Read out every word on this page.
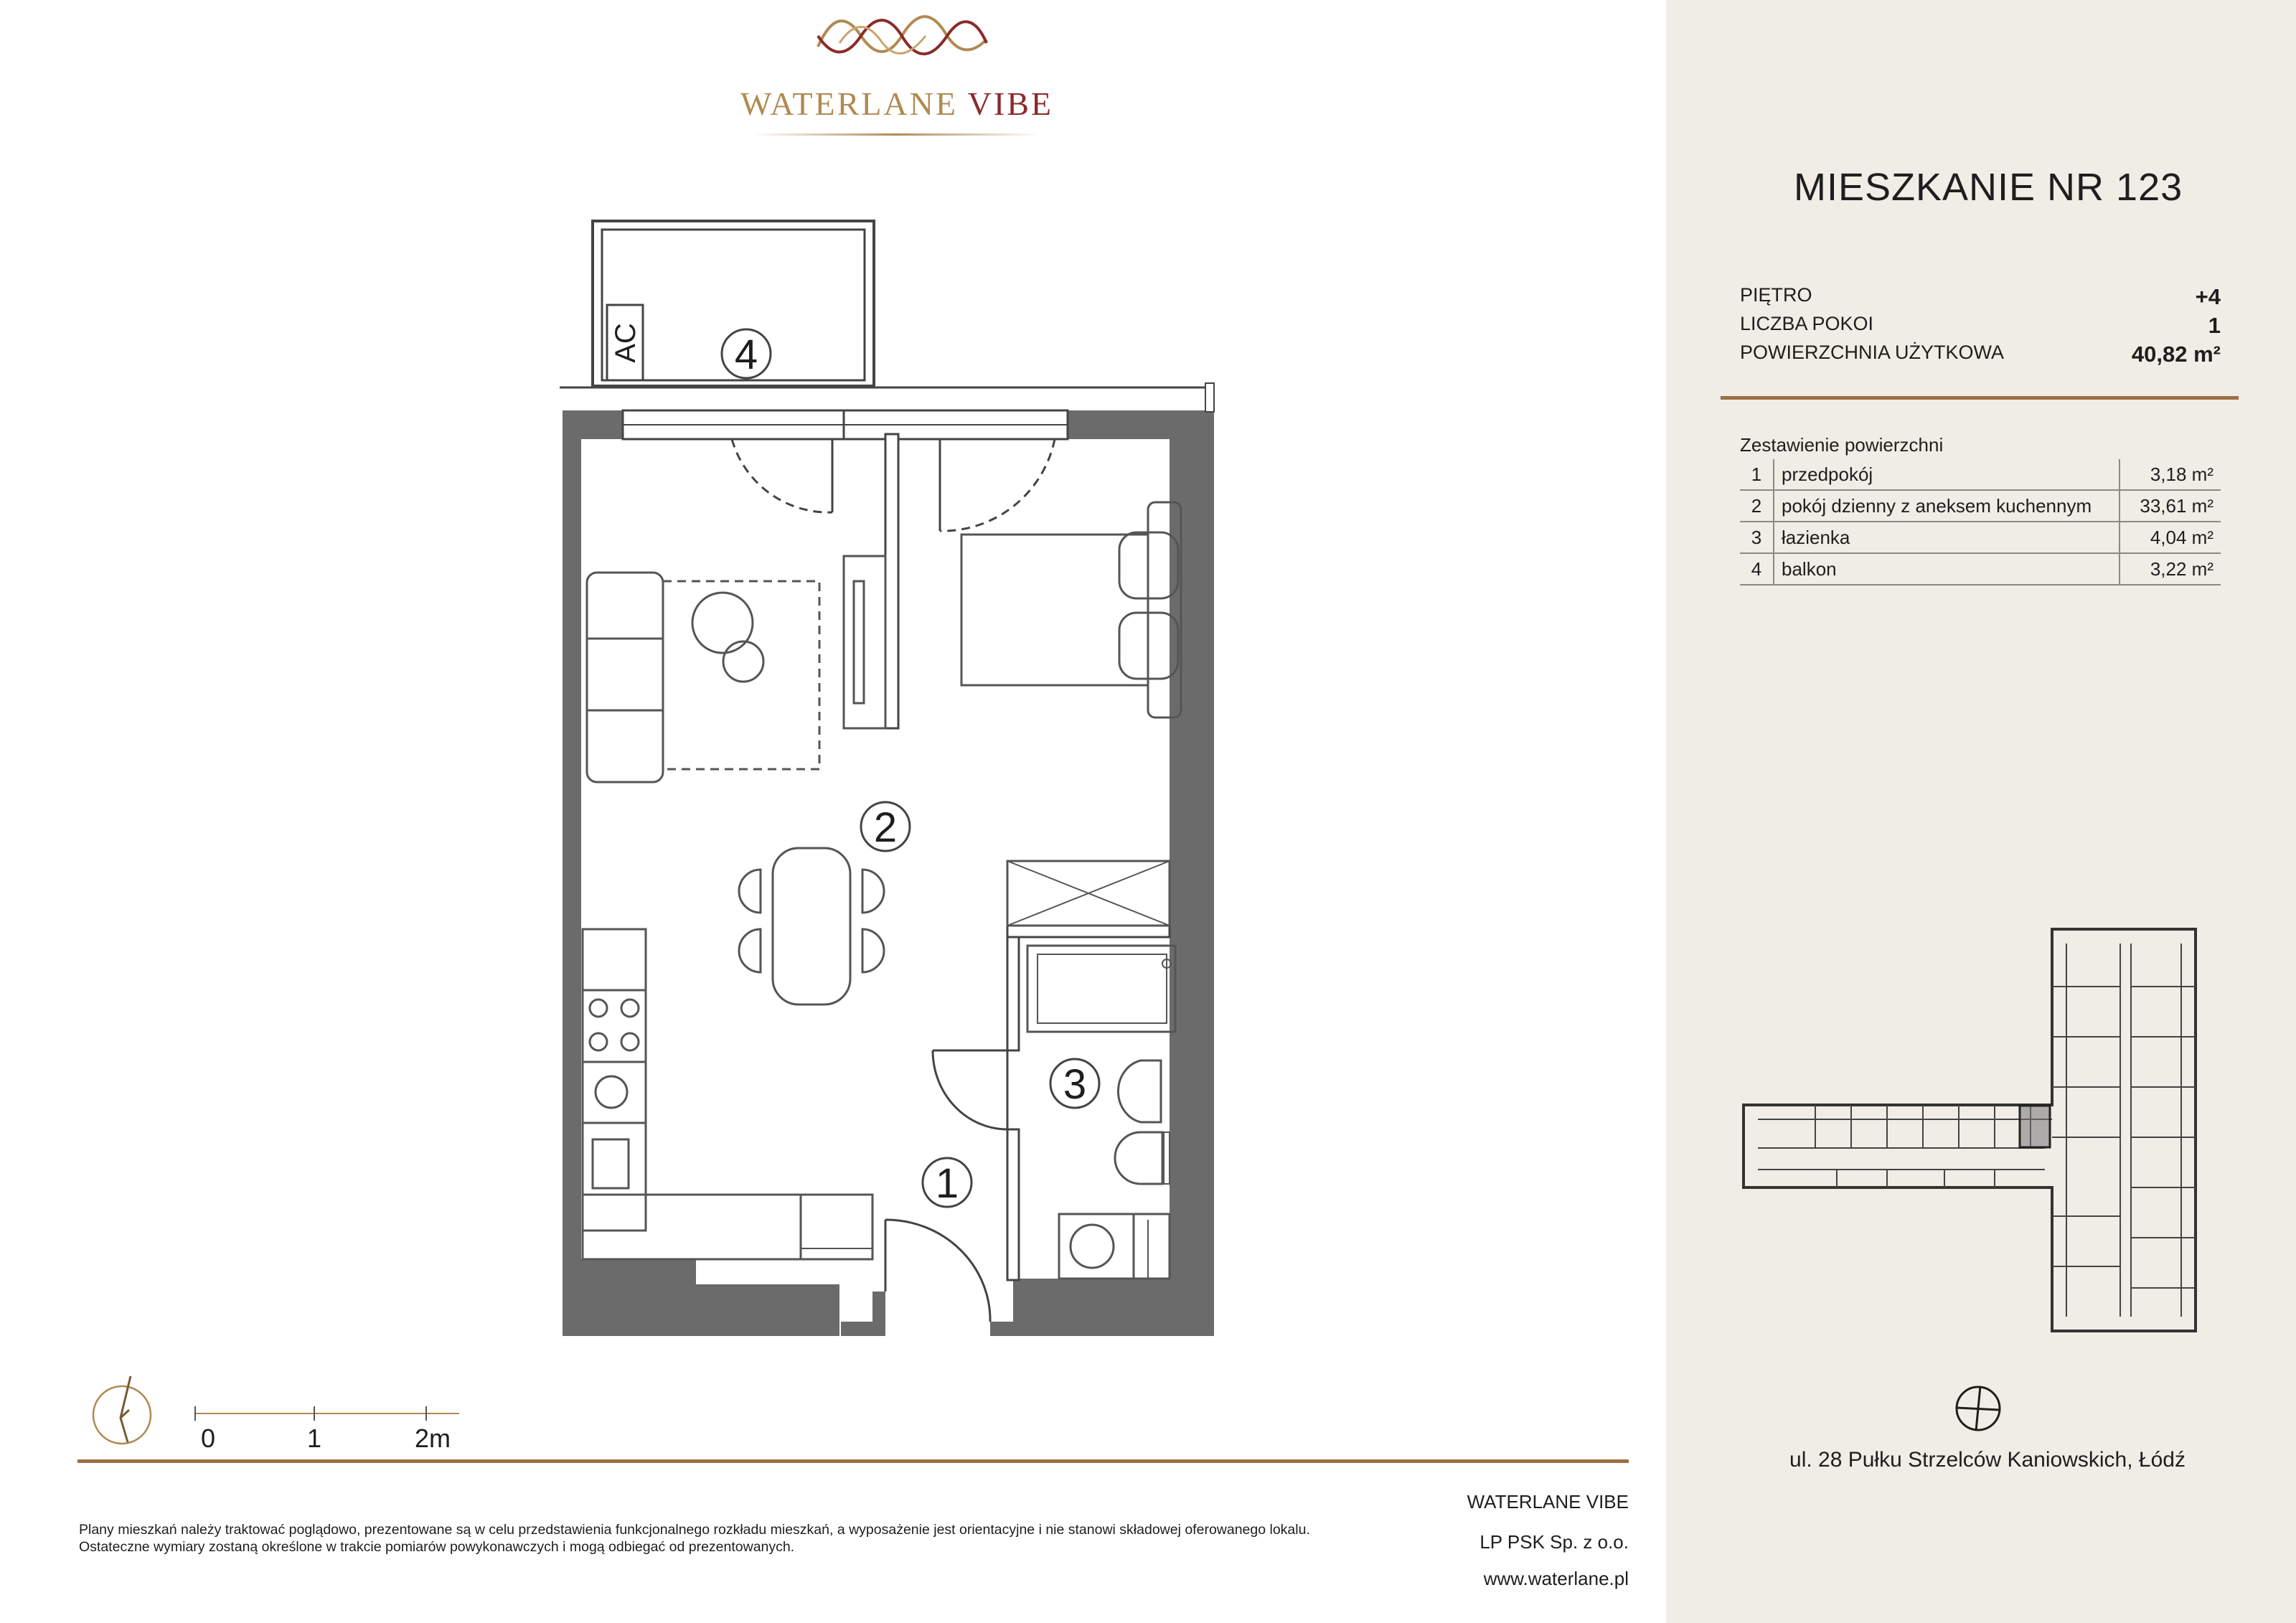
WATERLANE VIBE
AC 4
2
3
1
0	1	2m
Plany mieszkań należy traktować poglądowo, prezentowane są w celu przedstawienia funkcjonalnego rozkładu mieszkań, a wyposażenie jest orientacyjne i nie stanowi składowej oferowanego lokalu.
Ostateczne wymiary zostaną określone w trakcie pomiarów powykonawczych i mogą odbiegać od prezentowanych.
WATERLANE VIBE
LP PSK Sp. z o.o.
www.waterlane.pl
MIESZKANIE NR 123
PIĘTRO	+4
LICZBA POKOI	1
POWIERZCHNIA UŻYTKOWA	40,82 m²
Zestawienie powierzchni
1	przedpokój	3,18 m²
2	pokój dzienny z aneksem kuchennym	33,61 m²
3	łazienka	4,04 m²
4	balkon	3,22 m²
ul. 28 Pułku Strzelców Kaniowskich, Łódź
